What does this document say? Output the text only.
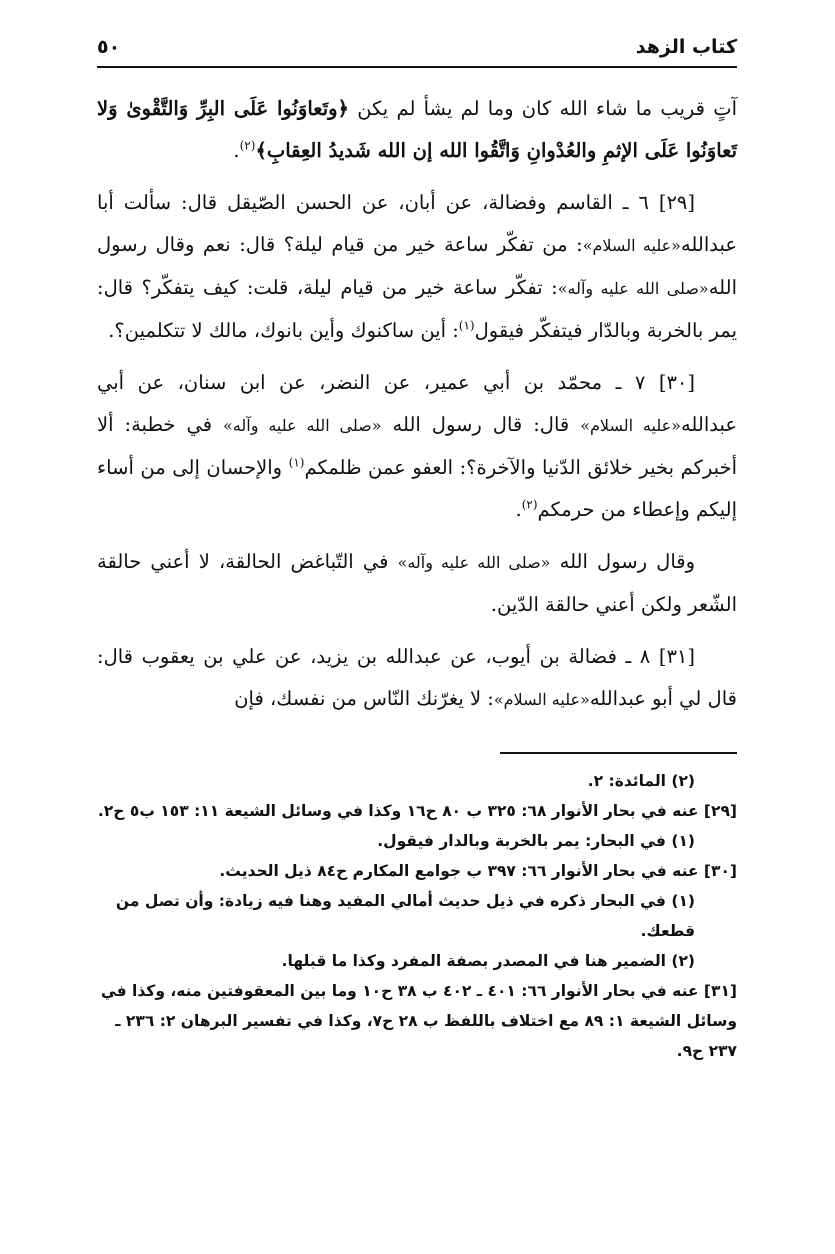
كتاب الزهد
٥٠

آتٍ قريب ما شاء الله كان وما لم يشأ لم يكن ﴿وتَعاوَنُوا عَلَى البِرِّ وَالتَّقْوىٰ وَلا تَعاوَنُوا عَلَى الإثمِ والعُدْوانِ وَاتَّقُوا الله إن الله شَديدُ العِقابِ﴾$^{(٢)}$.

[٢٩] ٦ ـ القاسم وفضالة، عن أبان، عن الحسن الصّيقل قال: سألت أبا عبدالله«عليه السلام»: من تفكّر ساعة خير من قيام ليلة؟ قال: نعم وقال رسول الله«صلى الله عليه وآله»: تفكّر ساعة خير من قيام ليلة، قلت: كيف يتفكّر؟ قال: يمر بالخربة وبالدّار فيتفكّر فيقول$^{(١)}$: أين ساكنوك وأين بانوك، مالك لا تتكلمين؟.

[٣٠] ٧ ـ محمّد بن أبي عمير، عن النضر، عن ابن سنان، عن أبي عبدالله«عليه السلام» قال: قال رسول الله «صلى الله عليه وآله» في خطبة: ألا أخبركم بخير خلائق الدّنيا والآخرة؟: العفو عمن ظلمكم$^{(١)}$ والإحسان إلى من أساء إليكم وإعطاء من حرمكم$^{(٢)}$.

وقال رسول الله «صلى الله عليه وآله» في التّباغض الحالقة، لا أعني حالقة الشّعر ولكن أعني حالقة الدّين.

[٣١] ٨ ـ فضالة بن أيوب، عن عبدالله بن يزيد، عن علي بن يعقوب قال: قال لي أبو عبدالله«عليه السلام»: لا يغرّنك النّاس من نفسك، فإن

(٢) المائدة: ٢.

[٢٩] عنه في بحار الأنوار ٦٨: ٣٢٥ ب ٨٠ ح١٦ وكذا في وسائل الشيعة ١١: ١٥٣ ب٥ ح٢.

(١) في البحار: يمر بالخربة وبالدار فيقول.

[٣٠] عنه في بحار الأنوار ٦٦: ٣٩٧ ب جوامع المكارم ح٨٤ ذيل الحديث.

(١) في البحار ذكره في ذيل حديث أمالي المفيد وهنا فيه زيادة: وأن تصل من قطعك.

(٢) الضمير هنا في المصدر بصفة المفرد وكذا ما قبلها.

[٣١] عنه في بحار الأنوار ٦٦: ٤٠١ ـ ٤٠٢ ب ٣٨ ح١٠ وما بين المعقوفتين منه، وكذا في وسائل الشيعة ١: ٨٩ مع اختلاف باللفظ ب ٢٨ ح٧، وكذا في تفسير البرهان ٢: ٢٣٦ ـ ٢٣٧ ح٩.
